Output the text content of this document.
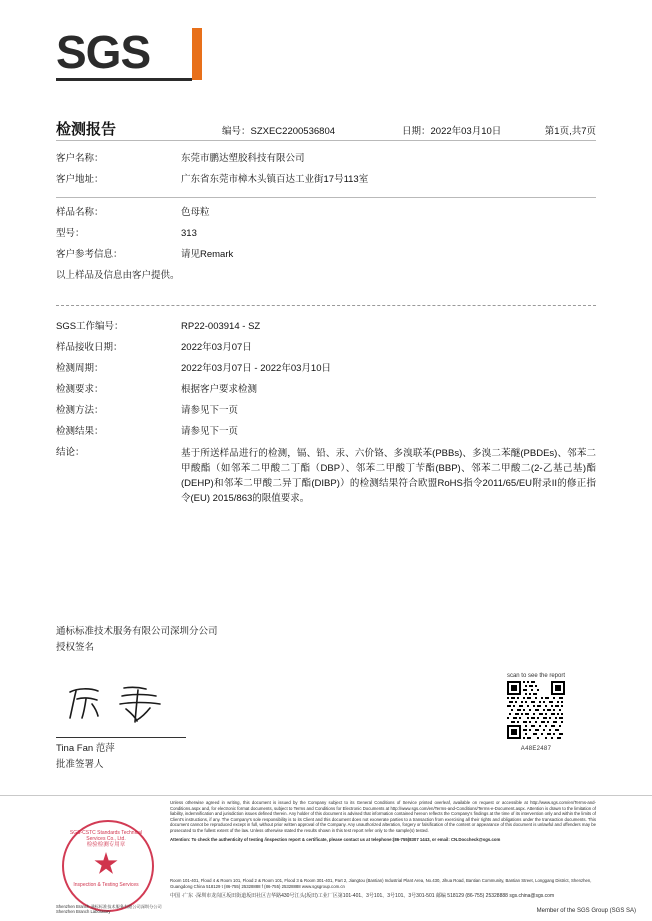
SGS
检测报告	编号：SZXEC2200536804	日期：2022年03月10日	第1页,共7页
客户名称：	东莞市鹏达塑胶科技有限公司
客户地址：	广东省东莞市樟木头镇百达工业街17号113室
样品名称：	色母粒
型号：	313
客户参考信息：	请见Remark
以上样品及信息由客户提供。
SGS工作编号：	RP22-003914 - SZ
样品接收日期：	2022年03月07日
检测周期：	2022年03月07日 - 2022年03月10日
检测要求：	根据客户要求检测
检测方法：	请参见下一页
检测结果：	请参见下一页
结论：	基于所送样品进行的检测，镉、铅、汞、六价铬、多溴联苯(PBBs)、多溴二苯醚(PBDEs)、邻苯二甲酸酯（如邻苯二甲酸二丁酯（DBP）、邻苯二甲酸丁苄酯(BBP)、邻苯二甲酸二(2-乙基己基)酯(DEHP)和邻苯二甲酸二异丁酯(DIBP)）的检测结果符合欧盟RoHS指令2011/65/EU附录II的修正指令(EU) 2015/863的限值要求。
通标标准技术服务有限公司深圳分公司
授权签名
Tina Fan 范萍
批准签署人
scan to see the report
A48E2487
Unless otherwise agreed in writing, this document is issued by the Company subject to its General Conditions of Service printed overleaf, available on request or accessible at http://www.sgs.com/en/Terms-and-Conditions.aspx and, for electronic format documents, subject to Terms and Conditions for Electronic Documents at http://www.sgs.com/en/Terms-and-Conditions/Terms-e-Document.aspx. Attention is drawn to the limitation of liability, indemnification and jurisdiction issues defined therein. Any holder of this document is advised that information contained hereon reflects the Company's findings at the time of its intervention only and within the limits of Client's instructions, if any. The Company's sole responsibility is to its Client and this document does not exonerate parties to a transaction from exercising all their rights and obligations under the transaction documents. This document cannot be reproduced except in full, without prior written approval of the Company. Any unauthorized alteration, forgery or falsification of the content or appearance of this document is unlawful and offenders may be prosecuted to the fullest extent of the law. Unless otherwise stated the results shown in this test report refer only to the sample(s) tested.
Attention: To check the authenticity of testing /inspection report & certificate, please contact us at telephone:(86-755)8307 1443, or email: CN.Doccheck@sgs.com
Room 101-401, Flood 4 & Room 101, Flood 2 & Room 101, Flood 3 & Room 301-401, Part 2, Jiangtou (Bantian) Industrial Plant Area, No.430, Jihua Road, Bantian Community, Bantian Street, Longgang District, Shenzhen, Guangdong China 518129 t (86-755) 25328888 f (86-755) 25328888 www.sgsgroup.com.cn
中国 ·广东 ·深圳市龙岗区坂田街道坂田社区吉华路430号江头(坂田)工业厂区第101-401、3号101、3号101、3号301-501 邮编 518129 (86-755) 25328888 sgs.china@sgs.com
Member of the SGS Group (SGS SA)
SGS-CSTC Standards Technical Services Co., Ltd.
检验检测专用章
Inspection & Testing Services
Shenzhen Branch 通标标准技术服务有限公司深圳分公司 Shenzhen Branch Laboratory
